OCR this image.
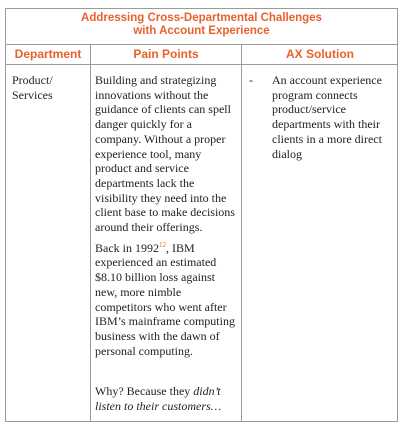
Addressing Cross-Departmental Challenges
with Account Experience
Department	Pain Points	AX Solution
Product/ Services

Building and strategizing innovations without the guidance of clients can spell danger quickly for a company. Without a proper experience tool, many product and service departments lack the visibility they need into the client base to make decisions around their offerings.

Back in 1992$^{12}$, IBM experienced an estimated $8.10 billion loss against new, more nimble competitors who went after IBM’s mainframe computing business with the dawn of personal computing.

Why? Because they didn’t listen to their customers…

- An account experience program connects product/service departments with their clients in a more direct dialog
